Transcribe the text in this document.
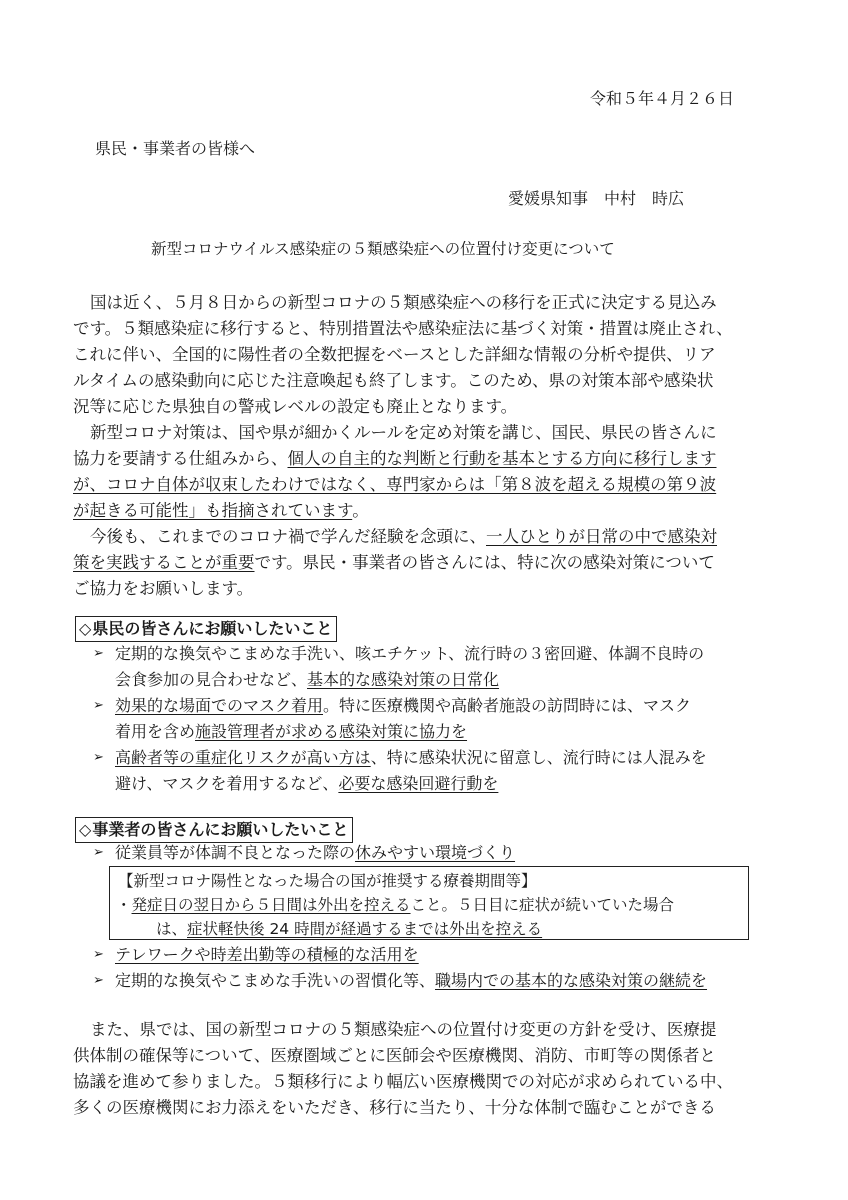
令和５年４月２６日
県民・事業者の皆様へ
愛媛県知事　中村　時広
新型コロナウイルス感染症の５類感染症への位置付け変更について
国は近く、５月８日からの新型コロナの５類感染症への移行を正式に決定する見込み
です。５類感染症に移行すると、特別措置法や感染症法に基づく対策・措置は廃止され、
これに伴い、全国的に陽性者の全数把握をベースとした詳細な情報の分析や提供、リア
ルタイムの感染動向に応じた注意喚起も終了します。このため、県の対策本部や感染状
況等に応じた県独自の警戒レベルの設定も廃止となります。
新型コロナ対策は、国や県が細かくルールを定め対策を講じ、国民、県民の皆さんに
協力を要請する仕組みから、個人の自主的な判断と行動を基本とする方向に移行します
が、コロナ自体が収束したわけではなく、専門家からは「第８波を超える規模の第９波
が起きる可能性」も指摘されています。
今後も、これまでのコロナ禍で学んだ経験を念頭に、一人ひとりが日常の中で感染対
策を実践することが重要です。県民・事業者の皆さんには、特に次の感染対策について
ご協力をお願いします。
◇県民の皆さんにお願いしたいこと
➢ 定期的な換気やこまめな手洗い、咳エチケット、流行時の３密回避、体調不良時の
会食参加の見合わせなど、基本的な感染対策の日常化
➢ 効果的な場面でのマスク着用。特に医療機関や高齢者施設の訪問時には、マスク
着用を含め施設管理者が求める感染対策に協力を
➢ 高齢者等の重症化リスクが高い方は、特に感染状況に留意し、流行時には人混みを
避け、マスクを着用するなど、必要な感染回避行動を
◇事業者の皆さんにお願いしたいこと
➢ 従業員等が体調不良となった際の休みやすい環境づくり
【新型コロナ陽性となった場合の国が推奨する療養期間等】
・発症日の翌日から５日間は外出を控えること。５日目に症状が続いていた場合
は、症状軽快後 24 時間が経過するまでは外出を控える
➢ テレワークや時差出勤等の積極的な活用を
➢ 定期的な換気やこまめな手洗いの習慣化等、職場内での基本的な感染対策の継続を
また、県では、国の新型コロナの５類感染症への位置付け変更の方針を受け、医療提
供体制の確保等について、医療圏域ごとに医師会や医療機関、消防、市町等の関係者と
協議を進めて参りました。５類移行により幅広い医療機関での対応が求められている中、
多くの医療機関にお力添えをいただき、移行に当たり、十分な体制で臨むことができる
